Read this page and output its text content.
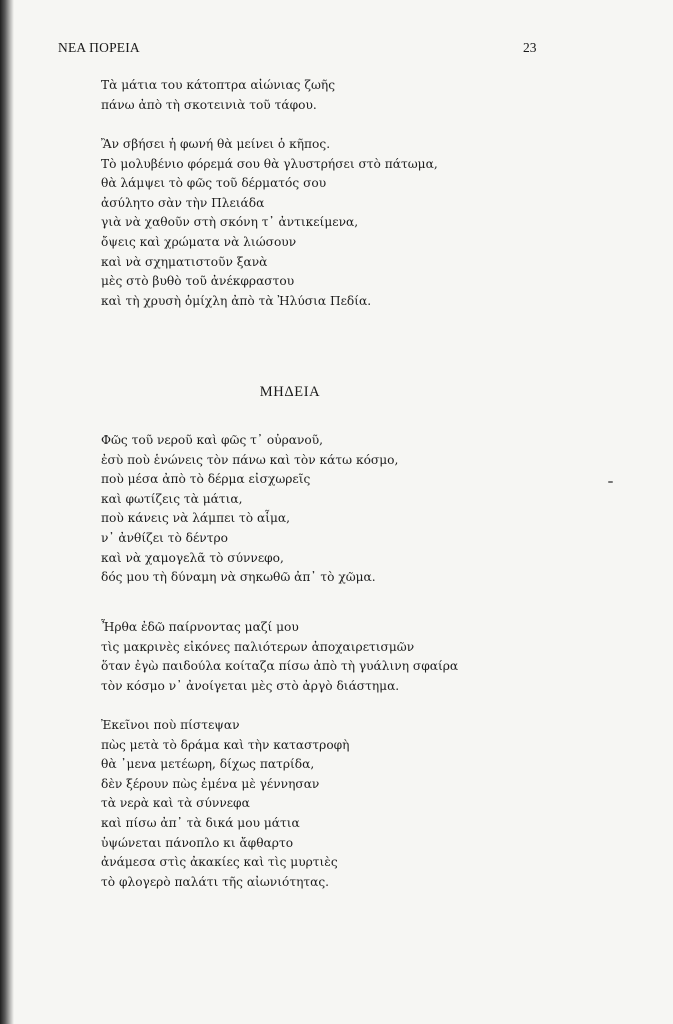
ΝΕΑ ΠΟΡΕΙΑ	23
Τὰ μάτια του κάτοπτρα αἰώνιας ζωῆς
πάνω ἀπὸ τὴ σκοτεινιὰ τοῦ τάφου.
Ἂν σβήσει ἡ φωνή θὰ μείνει ὁ κῆπος.
Τὸ μολυβένιο φόρεμά σου θὰ γλυστρήσει στὸ πάτωμα,
θὰ λάμψει τὸ φῶς τοῦ δέρματός σου
ἀσύλητο σὰν τὴν Πλειάδα
γιὰ νὰ χαθοῦν στὴ σκόνη τ᾽ ἀντικείμενα,
ὄψεις καὶ χρώματα νὰ λιώσουν
καὶ νὰ σχηματιστοῦν ξανὰ
μὲς στὸ βυθὸ τοῦ ἀνέκφραστου
καὶ τὴ χρυσὴ ὁμίχλη ἀπὸ τὰ Ἠλύσια Πεδία.
ΜΗΔΕΙΑ
Φῶς τοῦ νεροῦ καὶ φῶς τ᾽ οὐρανοῦ,
ἐσὺ ποὺ ἑνώνεις τὸν πάνω καὶ τὸν κάτω κόσμο,
ποὺ μέσα ἀπὸ τὸ δέρμα εἰσχωρεῖς
καὶ φωτίζεις τὰ μάτια,
ποὺ κάνεις νὰ λάμπει τὸ αἷμα,
ν᾽ ἀνθίζει τὸ δέντρο
καὶ νὰ χαμογελᾶ τὸ σύννεφο,
δός μου τὴ δύναμη νὰ σηκωθῶ ἀπ᾽ τὸ χῶμα.
Ἦρθα ἐδῶ παίρνοντας μαζί μου
τὶς μακρινὲς εἰκόνες παλιότερων ἀποχαιρετισμῶν
ὅταν ἐγὼ παιδούλα κοίταζα πίσω ἀπὸ τὴ γυάλινη σφαίρα
τὸν κόσμο ν᾽ ἀνοίγεται μὲς στὸ ἀργὸ διάστημα.
Ἐκεῖνοι ποὺ πίστεψαν
πὼς μετὰ τὸ δράμα καὶ τὴν καταστροφὴ
θὰ ᾽μενα μετέωρη, δίχως πατρίδα,
δὲν ξέρουν πὼς ἐμένα μὲ γέννησαν
τὰ νερὰ καὶ τὰ σύννεφα
καὶ πίσω ἀπ᾽ τὰ δικά μου μάτια
ὑψώνεται πάνοπλο κι ἄφθαρτο
ἀνάμεσα στὶς ἀκακίες καὶ τὶς μυρτιὲς
τὸ φλογερὸ παλάτι τῆς αἰωνιότητας.
